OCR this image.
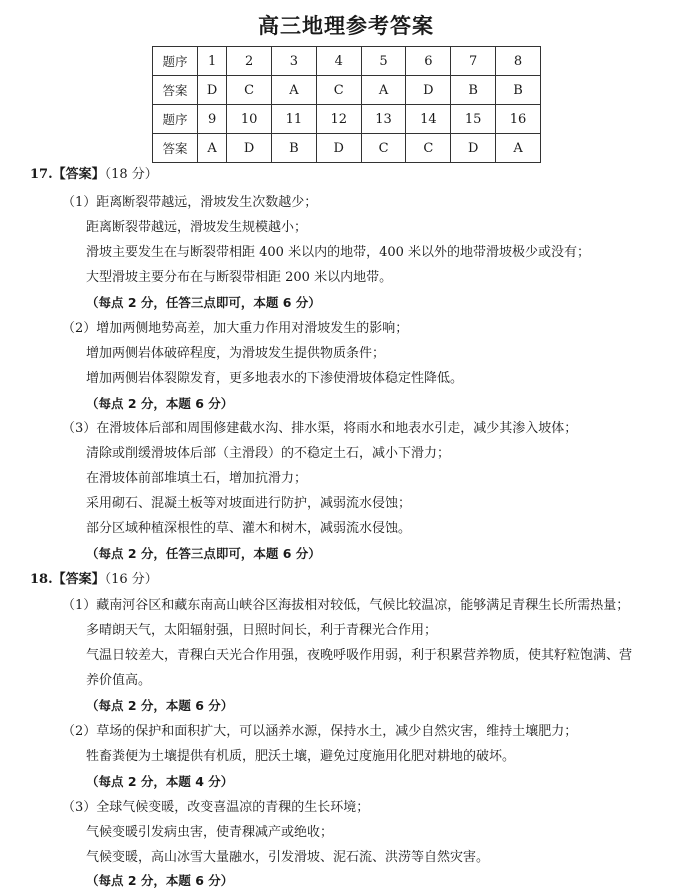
高三地理参考答案
题序	1	2	3	4	5	6	7	8
答案	D	C	A	C	A	D	B	B
题序	9	10	11	12	13	14	15	16
答案	A	D	B	D	C	C	D	A
17.【答案】（18 分）
（1）距离断裂带越远，滑坡发生次数越少；
距离断裂带越远，滑坡发生规模越小；
滑坡主要发生在与断裂带相距 400 米以内的地带，400 米以外的地带滑坡极少或没有；
大型滑坡主要分布在与断裂带相距 200 米以内地带。
（每点 2 分，任答三点即可，本题 6 分）
（2）增加两侧地势高差，加大重力作用对滑坡发生的影响；
增加两侧岩体破碎程度，为滑坡发生提供物质条件；
增加两侧岩体裂隙发育，更多地表水的下渗使滑坡体稳定性降低。
（每点 2 分，本题 6 分）
（3）在滑坡体后部和周围修建截水沟、排水渠，将雨水和地表水引走，减少其渗入坡体；
清除或削缓滑坡体后部（主滑段）的不稳定土石，减小下滑力；
在滑坡体前部堆填土石，增加抗滑力；
采用砌石、混凝土板等对坡面进行防护，减弱流水侵蚀；
部分区域种植深根性的草、灌木和树木，减弱流水侵蚀。
（每点 2 分，任答三点即可，本题 6 分）
18.【答案】（16 分）
（1）藏南河谷区和藏东南高山峡谷区海拔相对较低，气候比较温凉，能够满足青稞生长所需热量；
多晴朗天气，太阳辐射强，日照时间长，利于青稞光合作用；
气温日较差大，青稞白天光合作用强，夜晚呼吸作用弱，利于积累营养物质，使其籽粒饱满、营
养价值高。
（每点 2 分，本题 6 分）
（2）草场的保护和面积扩大，可以涵养水源，保持水土，减少自然灾害，维持土壤肥力；
牲畜粪便为土壤提供有机质，肥沃土壤，避免过度施用化肥对耕地的破坏。
（每点 2 分，本题 4 分）
（3）全球气候变暖，改变喜温凉的青稞的生长环境；
气候变暖引发病虫害，使青稞减产或绝收；
气候变暖，高山冰雪大量融水，引发滑坡、泥石流、洪涝等自然灾害。
（每点 2 分，本题 6 分）
